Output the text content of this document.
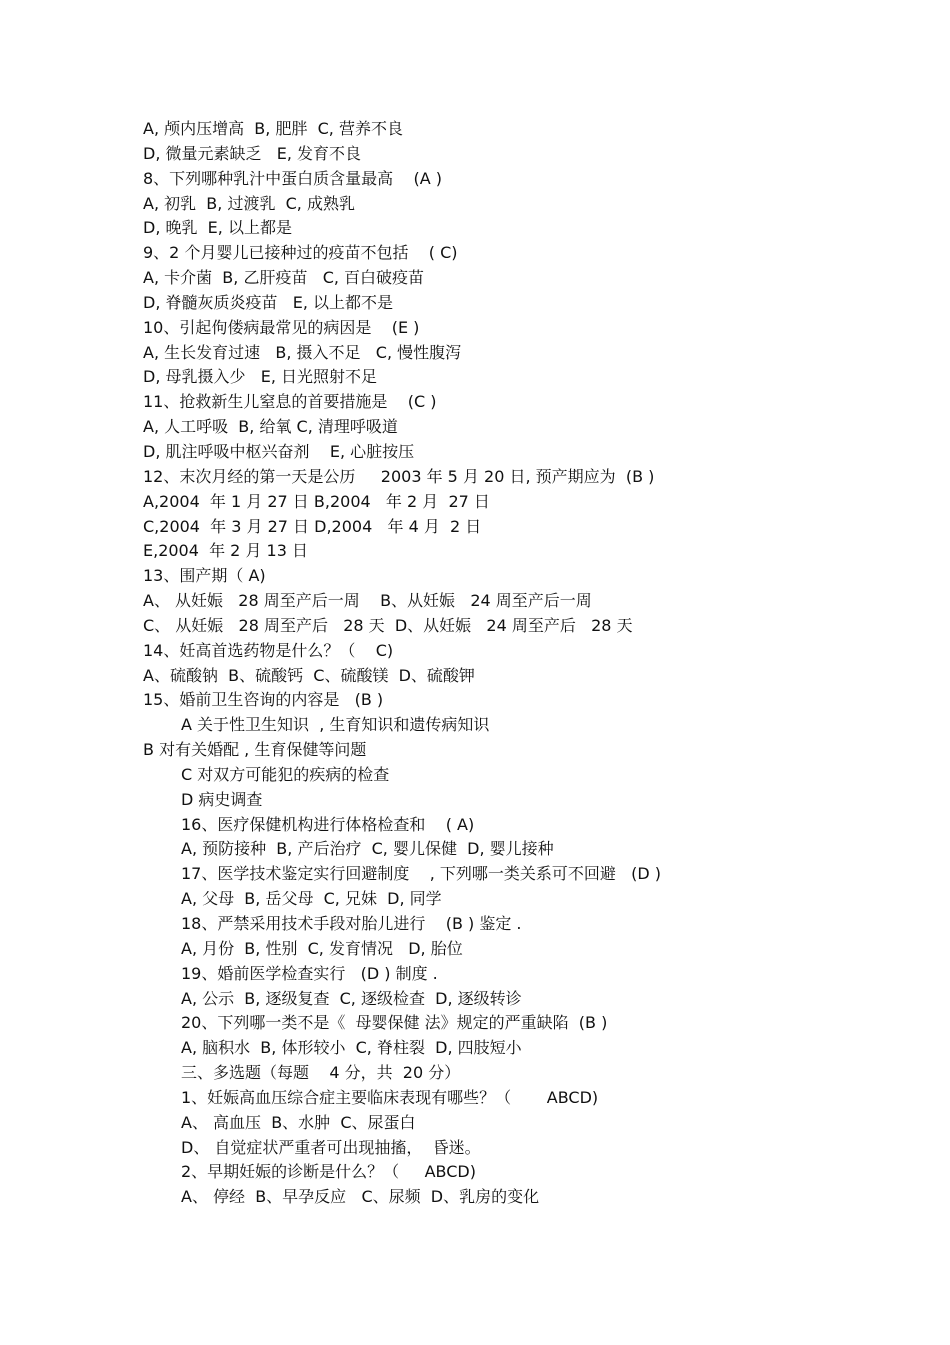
A, 颅内压增高  B, 肥胖  C, 营养不良
D, 微量元素缺乏   E, 发育不良
8、下列哪种乳汁中蛋白质含量最高    (A )
A, 初乳  B, 过渡乳  C, 成熟乳
D, 晚乳  E, 以上都是
9、2 个月婴儿已接种过的疫苗不包括    ( C)
A, 卡介菌  B, 乙肝疫苗   C, 百白破疫苗
D, 脊髓灰质炎疫苗   E, 以上都不是
10、引起佝偻病最常见的病因是    (E )
A, 生长发育过速   B, 摄入不足   C, 慢性腹泻
D, 母乳摄入少   E, 日光照射不足
11、抢救新生儿窒息的首要措施是    (C )
A, 人工呼吸  B, 给氧 C, 清理呼吸道
D, 肌注呼吸中枢兴奋剂    E, 心脏按压
12、末次月经的第一天是公历     2003 年 5 月 20 日, 预产期应为  (B )
A,2004  年 1 月 27 日 B,2004   年 2 月  27 日
C,2004  年 3 月 27 日 D,2004   年 4 月  2 日
E,2004  年 2 月 13 日
13、围产期（ A)
A、 从妊娠   28 周至产后一周    B、从妊娠   24 周至产后一周
C、 从妊娠   28 周至产后   28 天  D、从妊娠   24 周至产后   28 天
14、妊高首选药物是什么？（    C)
A、硫酸钠  B、硫酸钙  C、硫酸镁  D、硫酸钾
15、婚前卫生咨询的内容是   (B )
A 关于性卫生知识  , 生育知识和遗传病知识
B 对有关婚配 , 生育保健等问题
C 对双方可能犯的疾病的检查
D 病史调查
16、医疗保健机构进行体格检查和    ( A)
A, 预防接种  B, 产后治疗  C, 婴儿保健  D, 婴儿接种
17、医学技术鉴定实行回避制度    , 下列哪一类关系可不回避   (D )
A, 父母  B, 岳父母  C, 兄妹  D, 同学
18、严禁采用技术手段对胎儿进行    (B ) 鉴定 .
A, 月份  B, 性别  C, 发育情况   D, 胎位
19、婚前医学检查实行   (D ) 制度 .
A, 公示  B, 逐级复查  C, 逐级检查  D, 逐级转诊
20、下列哪一类不是《  母婴保健 法》规定的严重缺陷  (B )
A, 脑积水  B, 体形较小  C, 脊柱裂  D, 四肢短小
三、多选题（每题    4 分，共  20 分）
1、妊娠高血压综合症主要临床表现有哪些？（       ABCD)
A、 高血压  B、水肿  C、尿蛋白
D、 自觉症状严重者可出现抽搐，  昏迷。
2、早期妊娠的诊断是什么？（     ABCD)
A、 停经  B、早孕反应   C、尿频  D、乳房的变化
